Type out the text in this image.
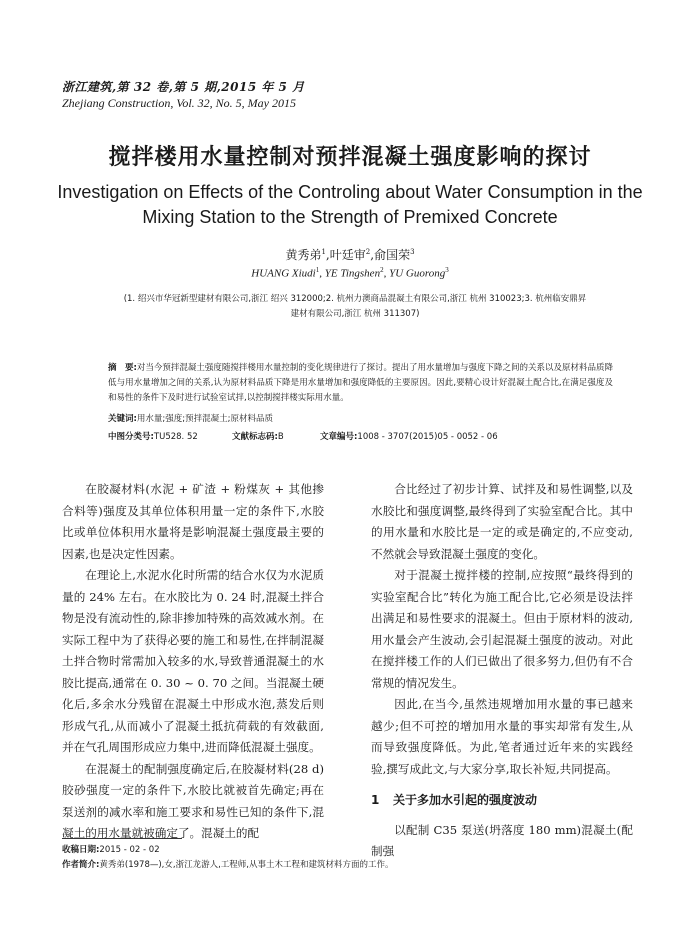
浙江建筑,第 32 卷,第 5 期,2015 年 5 月
Zhejiang Construction, Vol. 32, No. 5, May 2015
搅拌楼用水量控制对预拌混凝土强度影响的探讨
Investigation on Effects of the Controling about Water Consumption in the Mixing Station to the Strength of Premixed Concrete
黄秀弟$^1$,叶廷审$^2$,俞国荣$^3$
HUANG Xiudi$^1$, YE Tingshen$^2$, YU Guorong$^3$
(1. 绍兴市华冠新型建材有限公司,浙江 绍兴 312000;2. 杭州力澳商品混凝土有限公司,浙江 杭州 310023;3. 杭州临安鼎昇建材有限公司,浙江 杭州 311307)
摘　要:对当今预拌混凝土强度随搅拌楼用水量控制的变化规律进行了探讨。提出了用水量增加与强度下降之间的关系以及原材料品质降低与用水量增加之间的关系,认为原材料品质下降是用水量增加和强度降低的主要原因。因此,要精心设计好混凝土配合比,在满足强度及和易性的条件下及时进行试验室试拌,以控制搅拌楼实际用水量。
关键词:用水量;强度;预拌混凝土;原材料品质
中图分类号:TU528. 52	文献标志码:B	文章编号:1008 - 3707(2015)05 - 0052 - 06

在胶凝材料(水泥 + 矿渣 + 粉煤灰 + 其他掺合料等)强度及其单位体积用量一定的条件下,水胶比或单位体积用水量将是影响混凝土强度最主要的因素,也是决定性因素。

在理论上,水泥水化时所需的结合水仅为水泥质量的 24% 左右。在水胶比为 0. 24 时,混凝土拌合物是没有流动性的,除非掺加特殊的高效减水剂。在实际工程中为了获得必要的施工和易性,在拌制混凝土拌合物时常需加入较多的水,导致普通混凝土的水胶比提高,通常在 0. 30 ~ 0. 70 之间。当混凝土硬化后,多余水分残留在混凝土中形成水泡,蒸发后则形成气孔,从而减小了混凝土抵抗荷载的有效截面,并在气孔周围形成应力集中,进而降低混凝土强度。

在混凝土的配制强度确定后,在胶凝材料(28 d)胶砂强度一定的条件下,水胶比就被首先确定;再在泵送剂的减水率和施工要求和易性已知的条件下,混凝土的用水量就被确定了。混凝土的配

合比经过了初步计算、试拌及和易性调整,以及水胶比和强度调整,最终得到了实验室配合比。其中的用水量和水胶比是一定的或是确定的,不应变动,不然就会导致混凝土强度的变化。

对于混凝土搅拌楼的控制,应按照“最终得到的实验室配合比”转化为施工配合比,它必须是设法拌出满足和易性要求的混凝土。但由于原材料的波动,用水量会产生波动,会引起混凝土强度的波动。对此在搅拌楼工作的人们已做出了很多努力,但仍有不合常规的情况发生。

因此,在当今,虽然违规增加用水量的事已越来越少;但不可控的增加用水量的事实却常有发生,从而导致强度降低。为此,笔者通过近年来的实践经验,撰写成此文,与大家分享,取长补短,共同提高。

1 关于多加水引起的强度波动

以配制 C35 泵送(坍落度 180 mm)混凝土(配制强

收稿日期:2015 - 02 - 02
作者简介:黄秀弟(1978—),女,浙江龙游人,工程师,从事土木工程和建筑材料方面的工作。
